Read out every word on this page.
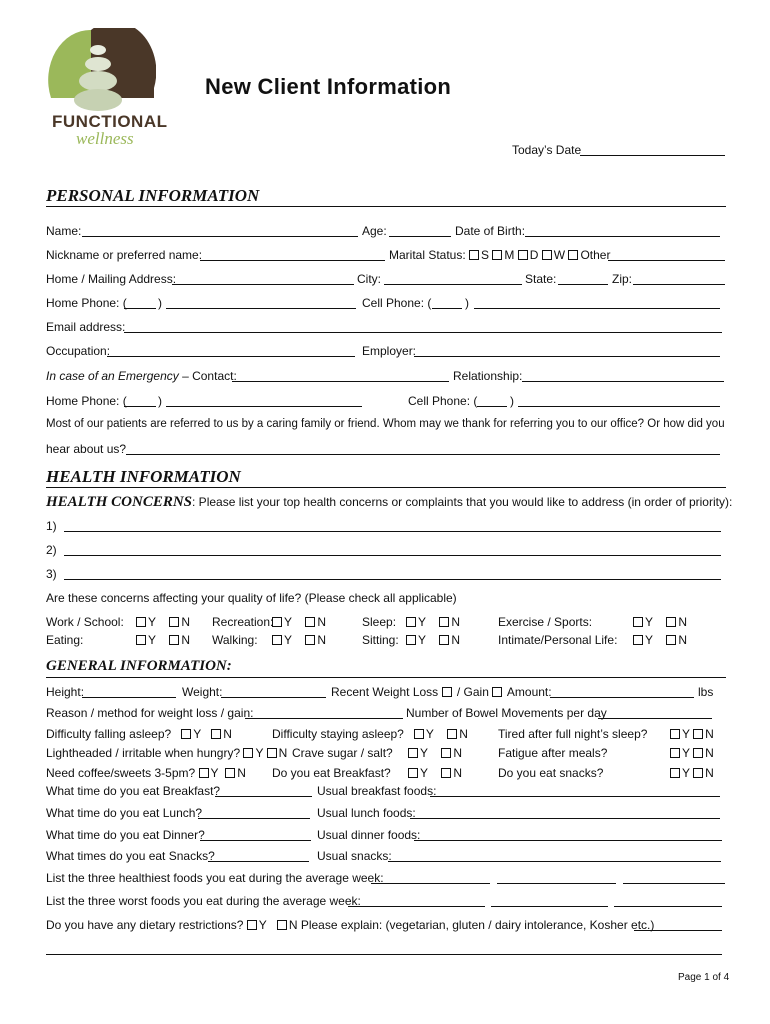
FUNCTIONAL
wellness
New Client Information
Today’s Date
PERSONAL INFORMATION
Name:	Age:	Date of Birth:
Nickname or preferred name:	Marital Status: S M D W Other
Home / Mailing Address:	City:	State:	Zip:
Home Phone: (	)	Cell Phone: (	)
Email address:
Occupation:	Employer:
In case of an Emergency – Contact:	Relationship:
Home Phone: (	)	Cell Phone: (	)
Most of our patients are referred to us by a caring family or friend. Whom may we thank for referring you to our office? Or how did you
hear about us?
HEALTH INFORMATION
HEALTH CONCERNS: Please list your top health concerns or complaints that you would like to address (in order of priority):
1)
2)
3)
Are these concerns affecting your quality of life? (Please check all applicable)
Work / School:	Y N Recreation: Y N	Sleep:	Y N	Exercise / Sports:	Y N
Eating:	Y N Walking:	Y N	Sitting:	Y N	Intimate/Personal Life:	Y N
GENERAL INFORMATION:
Height:	Weight:	Recent Weight Loss / Gain Amount:	lbs
Reason / method for weight loss / gain:	Number of Bowel Movements per day
Difficulty falling asleep? Y N	Difficulty staying asleep? Y N	Tired after full night’s sleep?	Y N
Lightheaded / irritable when hungry? Y N Crave sugar / salt?	Y N	Fatigue after meals?	Y N
Need coffee/sweets 3-5pm? Y N Do you eat Breakfast?	Y N	Do you eat snacks?	Y N
What time do you eat Breakfast?	Usual breakfast foods:
What time do you eat Lunch?	Usual lunch foods:
What time do you eat Dinner?	Usual dinner foods:
What times do you eat Snacks?	Usual snacks:
List the three healthiest foods you eat during the average week:
List the three worst foods you eat during the average week:
Do you have any dietary restrictions? Y N Please explain: (vegetarian, gluten / dairy intolerance, Kosher etc.)
Page 1 of 4
